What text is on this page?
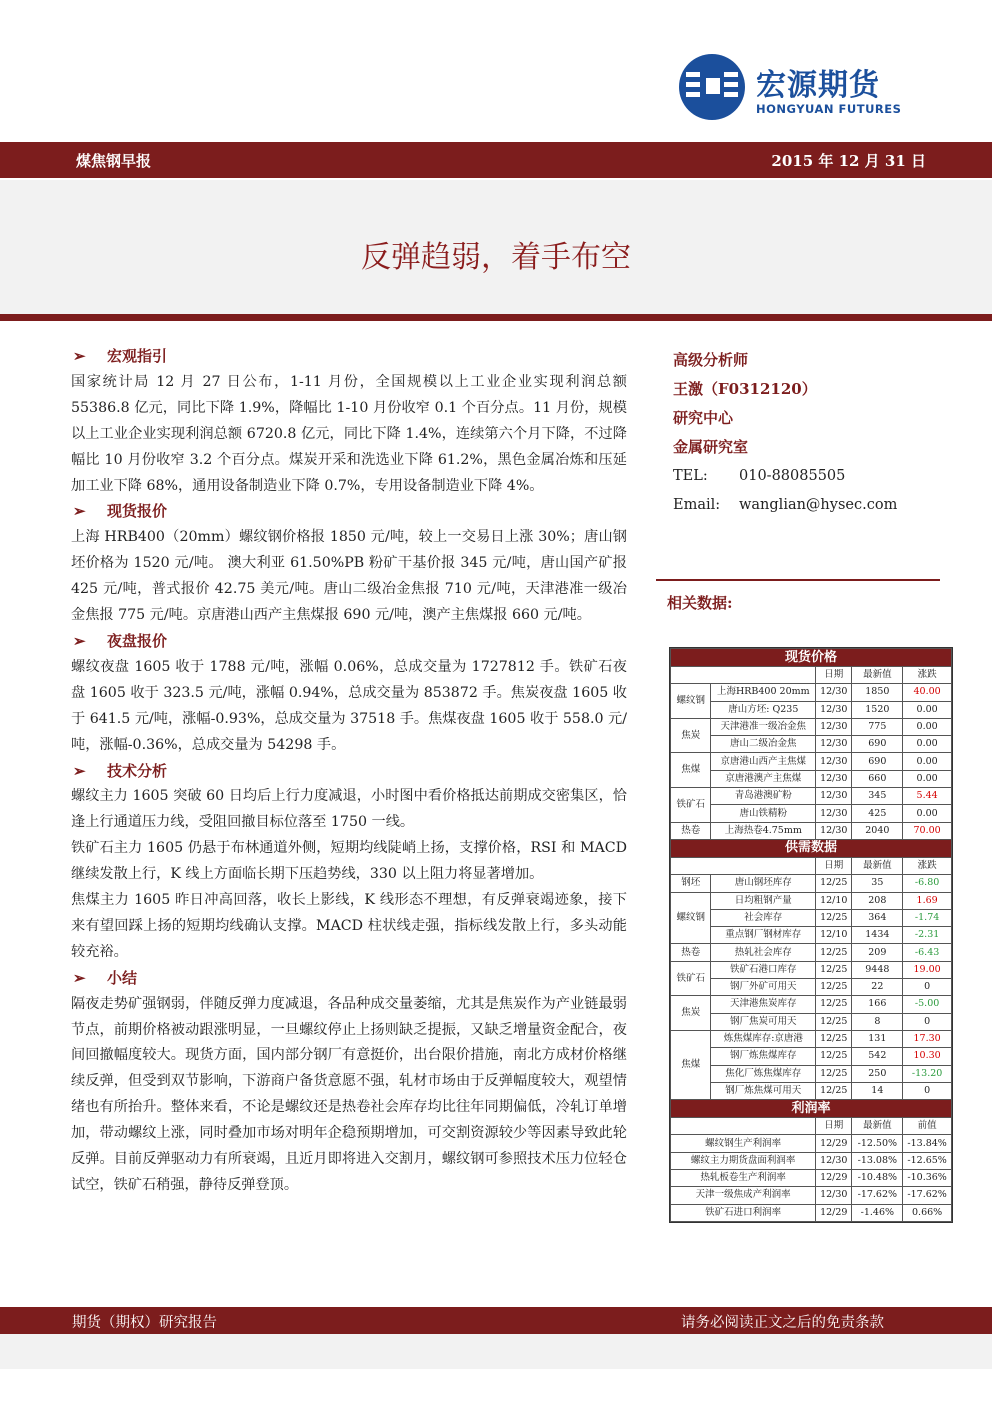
宏源期货
HONGYUAN FUTURES
煤焦钢早报	2015 年 12 月 31 日
反弹趋弱，着手布空
➢ 宏观指引

国家统计局 12 月 27 日公布，1-11 月份，全国规模以上工业企业实现利润总额 55386.8 亿元，同比下降 1.9%，降幅比 1-10 月份收窄 0.1 个百分点。11 月份，规模以上工业企业实现利润总额 6720.8 亿元，同比下降 1.4%，连续第六个月下降，不过降幅比 10 月份收窄 3.2 个百分点。煤炭开采和洗选业下降 61.2%，黑色金属冶炼和压延加工业下降 68%，通用设备制造业下降 0.7%，专用设备制造业下降 4%。

➢ 现货报价

上海 HRB400（20mm）螺纹钢价格报 1850 元/吨，较上一交易日上涨 30%；唐山钢坯价格为 1520 元/吨。 澳大利亚 61.50%PB 粉矿干基价报 345 元/吨，唐山国产矿报 425 元/吨，普式报价 42.75 美元/吨。唐山二级冶金焦报 710 元/吨，天津港准一级冶金焦报 775 元/吨。京唐港山西产主焦煤报 690 元/吨，澳产主焦煤报 660 元/吨。

➢ 夜盘报价

螺纹夜盘 1605 收于 1788 元/吨，涨幅 0.06%，总成交量为 1727812 手。铁矿石夜盘 1605 收于 323.5 元/吨，涨幅 0.94%，总成交量为 853872 手。焦炭夜盘 1605 收于 641.5 元/吨，涨幅-0.93%，总成交量为 37518 手。焦煤夜盘 1605 收于 558.0 元/吨，涨幅-0.36%，总成交量为 54298 手。

➢ 技术分析

螺纹主力 1605 突破 60 日均后上行力度减退，小时图中看价格抵达前期成交密集区，恰逢上行通道压力线，受阻回撤目标位落至 1750 一线。

铁矿石主力 1605 仍悬于布林通道外侧，短期均线陡峭上扬，支撑价格，RSI 和 MACD 继续发散上行，K 线上方面临长期下压趋势线，330 以上阻力将显著增加。

焦煤主力 1605 昨日冲高回落，收长上影线，K 线形态不理想，有反弹衰竭迹象，接下来有望回踩上扬的短期均线确认支撑。MACD 柱状线走强，指标线发散上行，多头动能较充裕。

➢ 小结

隔夜走势矿强钢弱，伴随反弹力度减退，各品种成交量萎缩，尤其是焦炭作为产业链最弱节点，前期价格被动跟涨明显，一旦螺纹停止上扬则缺乏提振，又缺乏增量资金配合，夜间回撤幅度较大。现货方面，国内部分钢厂有意挺价，出台限价措施，南北方成材价格继续反弹，但受到双节影响，下游商户备货意愿不强，轧材市场由于反弹幅度较大，观望情绪也有所抬升。整体来看，不论是螺纹还是热卷社会库存均比往年同期偏低，冷轧订单增加，带动螺纹上涨，同时叠加市场对明年企稳预期增加，可交割资源较少等因素导致此轮反弹。目前反弹驱动力有所衰竭，且近月即将进入交割月，螺纹钢可参照技术压力位轻仓试空，铁矿石稍强，静待反弹登顶。

高级分析师
王激（F0312120）
研究中心
金属研究室
TEL: 010-88085505
Email: wanglian@hysec.com
相关数据:
现货价格				
		日期	最新值	涨跌
螺纹钢	上海HRB400 20mm	12/30	1850	40.00
	唐山方坯: Q235	12/30	1520	0.00
焦炭	天津港准一级冶金焦	12/30	775	0.00
	唐山二级冶金焦	12/30	690	0.00
焦煤	京唐港山西产主焦煤	12/30	690	0.00
	京唐港澳产主焦煤	12/30	660	0.00
铁矿石	青岛港澳矿粉	12/30	345	5.44
	唐山铁精粉	12/30	425	0.00
热卷	上海热卷4.75mm	12/30	2040	70.00
供需数据				
		日期	最新值	涨跌
钢坯	唐山钢坯库存	12/25	35	-6.80
螺纹钢	日均粗钢产量	12/10	208	1.69
	社会库存	12/25	364	-1.74
	重点钢厂钢材库存	12/10	1434	-2.31
热卷	热轧社会库存	12/25	209	-6.43
铁矿石	铁矿石港口库存	12/25	9448	19.00
	钢厂外矿可用天	12/25	22	0
焦炭	天津港焦炭库存	12/25	166	-5.00
	钢厂焦炭可用天	12/25	8	0
焦煤	炼焦煤库存:京唐港	12/25	131	17.30
	钢厂炼焦煤库存	12/25	542	10.30
	焦化厂炼焦煤库存	12/25	250	-13.20
	钢厂炼焦煤可用天	12/25	14	0
利润率				
		日期	最新值	前值
螺纹钢生产利润率		12/29	-12.50%	-13.84%
螺纹主力期货盘面利润率		12/30	-13.08%	-12.65%
热轧板卷生产利润率		12/29	-10.48%	-10.36%
天津一级焦成产利润率		12/30	-17.62%	-17.62%
铁矿石进口利润率		12/29	-1.46%	0.66%
期货（期权）研究报告	请务必阅读正文之后的免责条款
